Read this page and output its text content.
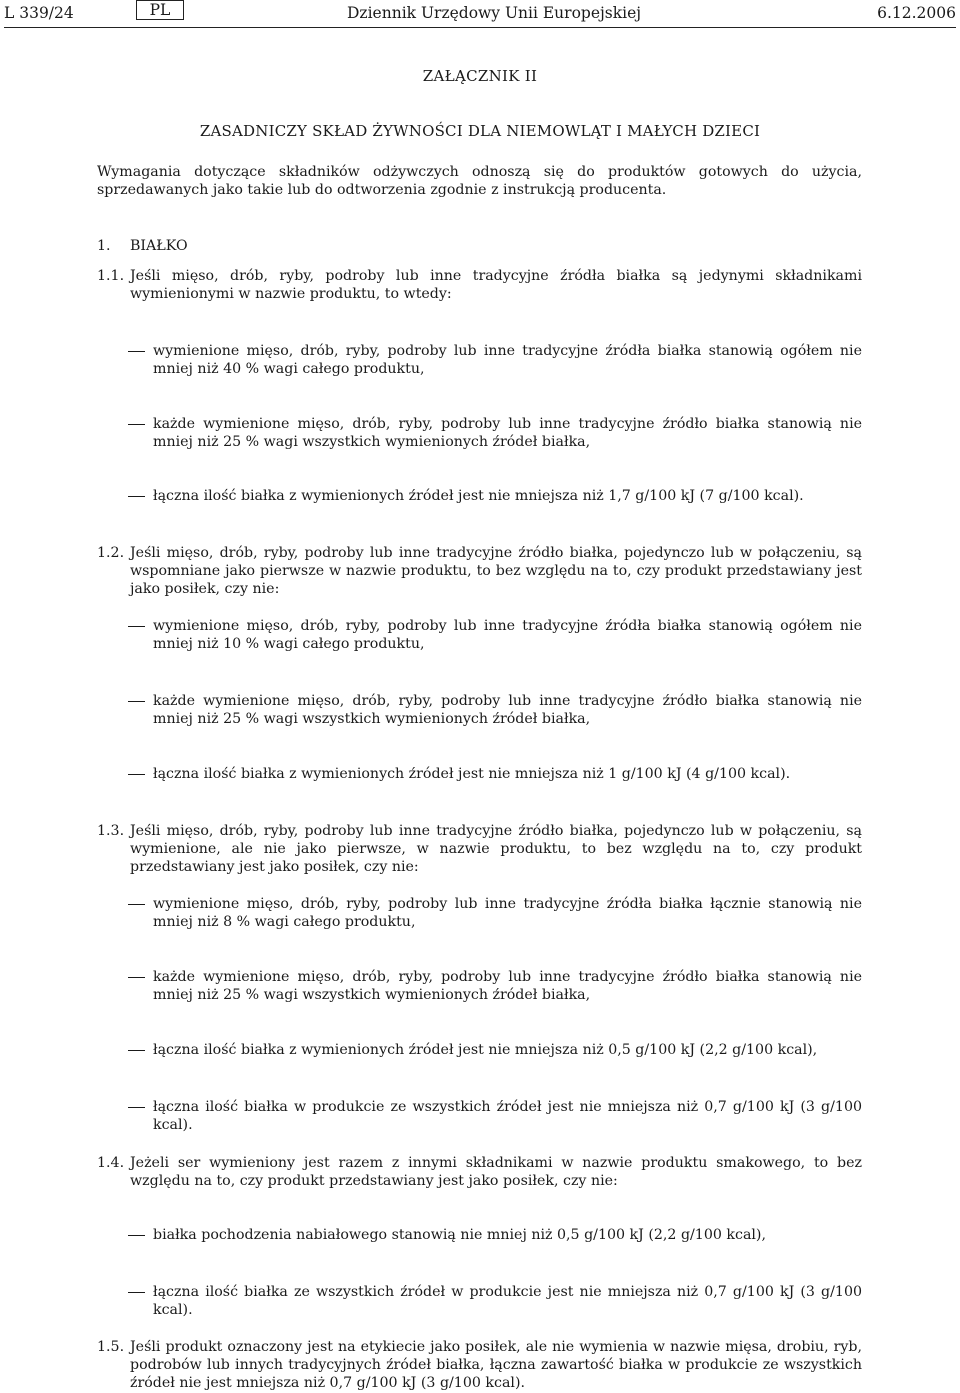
L 339/24	PL	Dziennik Urzędowy Unii Europejskiej	6.12.2006
ZAŁĄCZNIK II
ZASADNICZY SKŁAD ŻYWNOŚCI DLA NIEMOWLĄT I MAŁYCH DZIECI
Wymagania dotyczące składników odżywczych odnoszą się do produktów gotowych do użycia, sprzedawanych jako takie lub do odtworzenia zgodnie z instrukcją producenta.
1. BIAŁKO
1.1. Jeśli mięso, drób, ryby, podroby lub inne tradycyjne źródła białka są jedynymi składnikami wymienionymi w nazwie produktu, to wtedy:
wymienione mięso, drób, ryby, podroby lub inne tradycyjne źródła białka stanowią ogółem nie mniej niż 40 % wagi całego produktu,
każde wymienione mięso, drób, ryby, podroby lub inne tradycyjne źródło białka stanowią nie mniej niż 25 % wagi wszystkich wymienionych źródeł białka,
łączna ilość białka z wymienionych źródeł jest nie mniejsza niż 1,7 g/100 kJ (7 g/100 kcal).
1.2. Jeśli mięso, drób, ryby, podroby lub inne tradycyjne źródło białka, pojedynczo lub w połączeniu, są wspomniane jako pierwsze w nazwie produktu, to bez względu na to, czy produkt przedstawiany jest jako posiłek, czy nie:
wymienione mięso, drób, ryby, podroby lub inne tradycyjne źródła białka stanowią ogółem nie mniej niż 10 % wagi całego produktu,
każde wymienione mięso, drób, ryby, podroby lub inne tradycyjne źródło białka stanowią nie mniej niż 25 % wagi wszystkich wymienionych źródeł białka,
łączna ilość białka z wymienionych źródeł jest nie mniejsza niż 1 g/100 kJ (4 g/100 kcal).
1.3. Jeśli mięso, drób, ryby, podroby lub inne tradycyjne źródło białka, pojedynczo lub w połączeniu, są wymienione, ale nie jako pierwsze, w nazwie produktu, to bez względu na to, czy produkt przedstawiany jest jako posiłek, czy nie:
wymienione mięso, drób, ryby, podroby lub inne tradycyjne źródła białka łącznie stanowią nie mniej niż 8 % wagi całego produktu,
każde wymienione mięso, drób, ryby, podroby lub inne tradycyjne źródło białka stanowią nie mniej niż 25 % wagi wszystkich wymienionych źródeł białka,
łączna ilość białka z wymienionych źródeł jest nie mniejsza niż 0,5 g/100 kJ (2,2 g/100 kcal),
łączna ilość białka w produkcie ze wszystkich źródeł jest nie mniejsza niż 0,7 g/100 kJ (3 g/100 kcal).
1.4. Jeżeli ser wymieniony jest razem z innymi składnikami w nazwie produktu smakowego, to bez względu na to, czy produkt przedstawiany jest jako posiłek, czy nie:
białka pochodzenia nabiałowego stanowią nie mniej niż 0,5 g/100 kJ (2,2 g/100 kcal),
łączna ilość białka ze wszystkich źródeł w produkcie jest nie mniejsza niż 0,7 g/100 kJ (3 g/100 kcal).
1.5. Jeśli produkt oznaczony jest na etykiecie jako posiłek, ale nie wymienia w nazwie mięsa, drobiu, ryb, podrobów lub innych tradycyjnych źródeł białka, łączna zawartość białka w produkcie ze wszystkich źródeł nie jest mniejsza niż 0,7 g/100 kJ (3 g/100 kcal).
